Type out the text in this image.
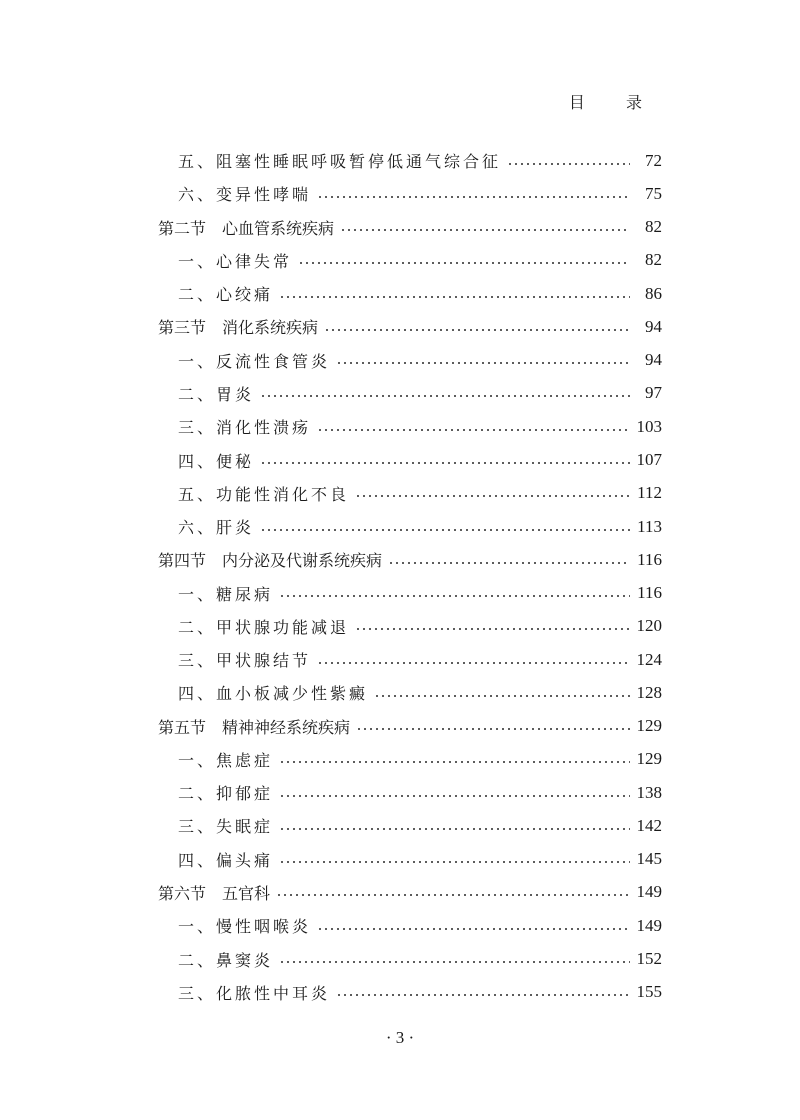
目 录
五、阻塞性睡眠呼吸暂停低通气综合征	72
六、变异性哮喘	75
第二节 心血管系统疾病	82
一、心律失常	82
二、心绞痛	86
第三节 消化系统疾病	94
一、反流性食管炎	94
二、胃炎	97
三、消化性溃疡	103
四、便秘	107
五、功能性消化不良	112
六、肝炎	113
第四节 内分泌及代谢系统疾病	116
一、糖尿病	116
二、甲状腺功能减退	120
三、甲状腺结节	124
四、血小板减少性紫癜	128
第五节 精神神经系统疾病	129
一、焦虑症	129
二、抑郁症	138
三、失眠症	142
四、偏头痛	145
第六节 五官科	149
一、慢性咽喉炎	149
二、鼻窦炎	152
三、化脓性中耳炎	155
· 3 ·
